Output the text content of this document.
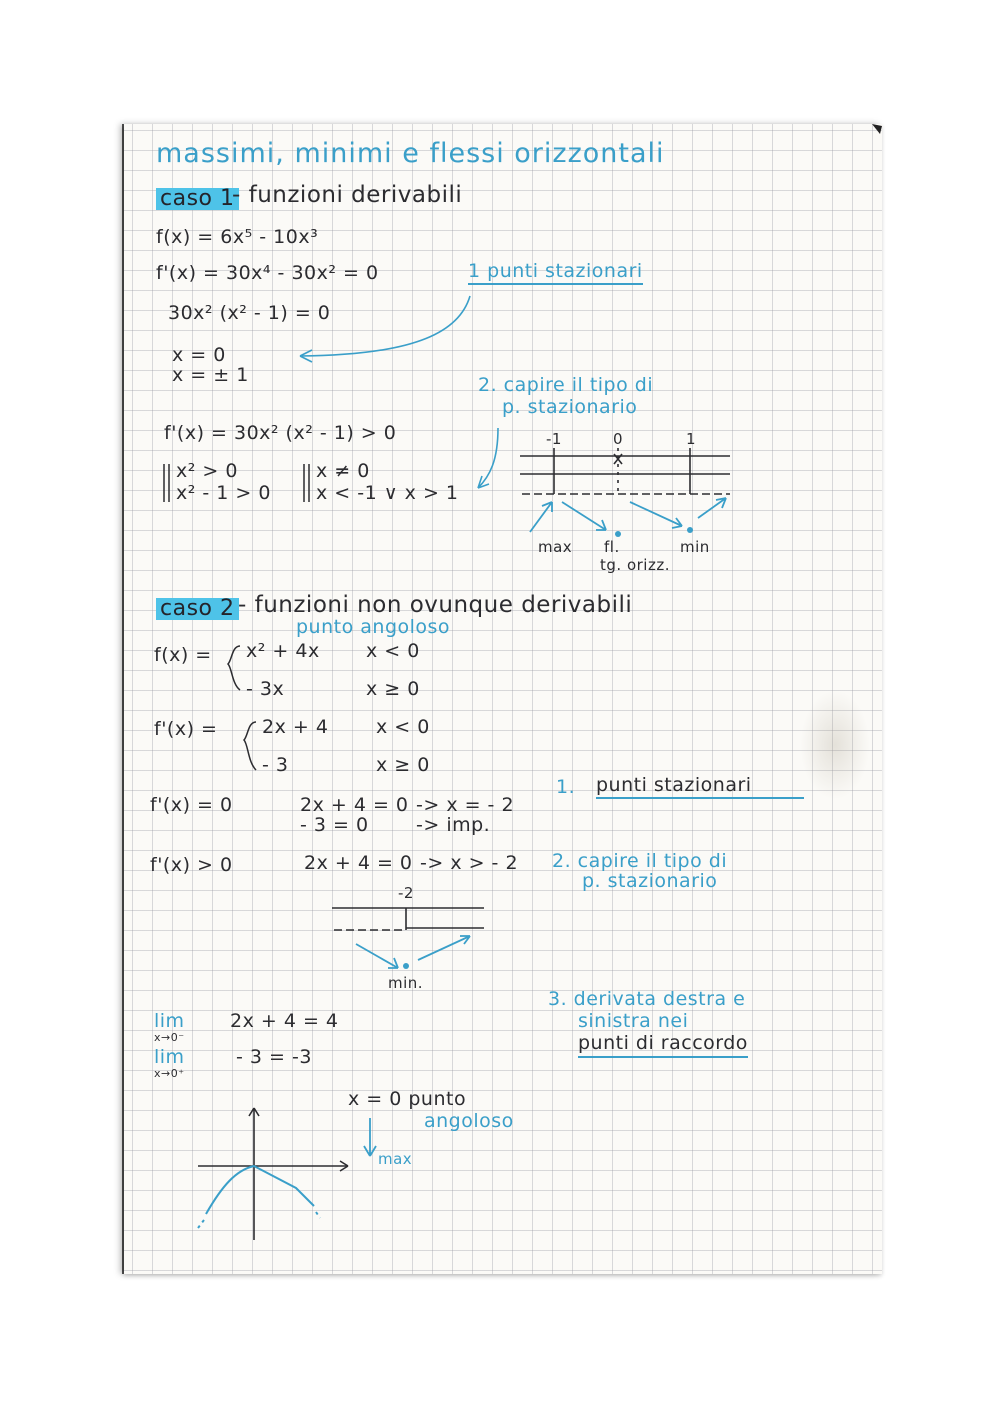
massimi, minimi e flessi orizzontali
caso 1
- funzioni derivabili
f(x) = 6x⁵ - 10x³
f'(x) = 30x⁴ - 30x² = 0
30x² (x² - 1) = 0
x = 0
x = ± 1
1 punti stazionari
2. capire il tipo di
p. stazionario
f'(x) = 30x² (x² - 1) > 0
x² > 0
x² - 1 > 0
x ≠ 0
x < -1 ∨ x > 1
-1	0	1
max fl.
tg. orizz.
min
caso 2 - funzioni non ovunque derivabili
punto angoloso
f(x) = x² + 4x x < 0
- 3x	x ≥ 0
f'(x) = 2x + 4	x < 0
- 3	x ≥ 0
f'(x) = 0	2x + 4 = 0 -> x = - 2
- 3 = 0 -> imp.
f'(x) > 0	2x + 4 = 0 -> x > - 2
-2
min.
1. punti stazionari
2. capire il tipo di
p. stazionario
3. derivata destra e
sinistra nei
punti di raccordo
lim
x→0⁻
2x + 4 = 4
lim
x→0⁺
- 3 = -3
x = 0 punto
angoloso
max
